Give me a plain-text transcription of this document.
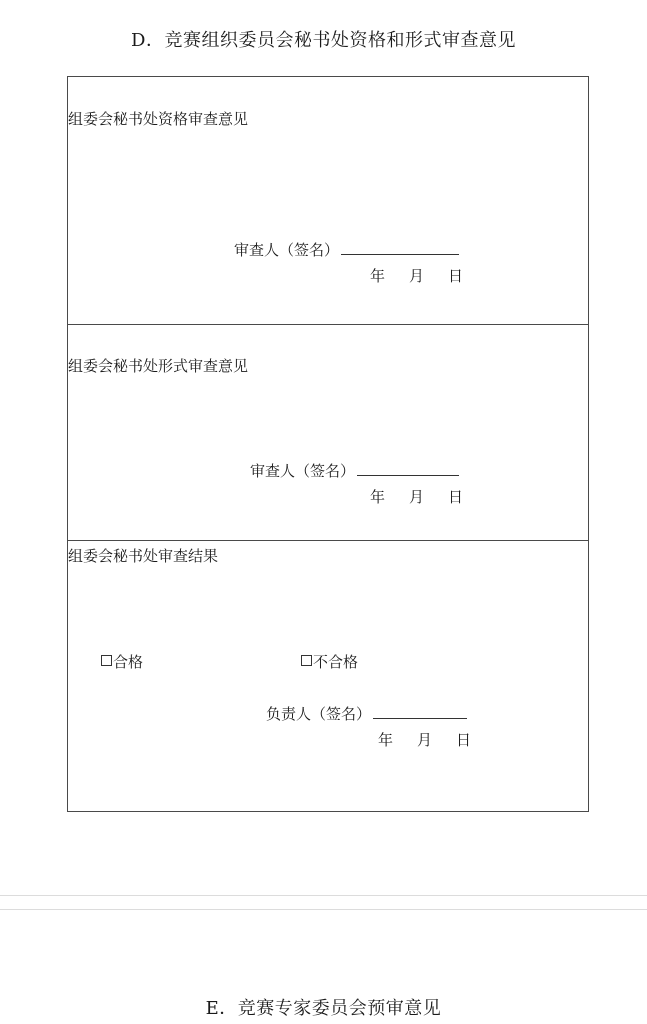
D．竞赛组织委员会秘书处资格和形式审查意见
组委会秘书处资格审查意见
审查人（签名）
年 月 日
组委会秘书处形式审查意见
审查人（签名）
年 月 日
组委会秘书处审查结果
合格	不合格
负责人（签名）
年 月 日
E．竞赛专家委员会预审意见
